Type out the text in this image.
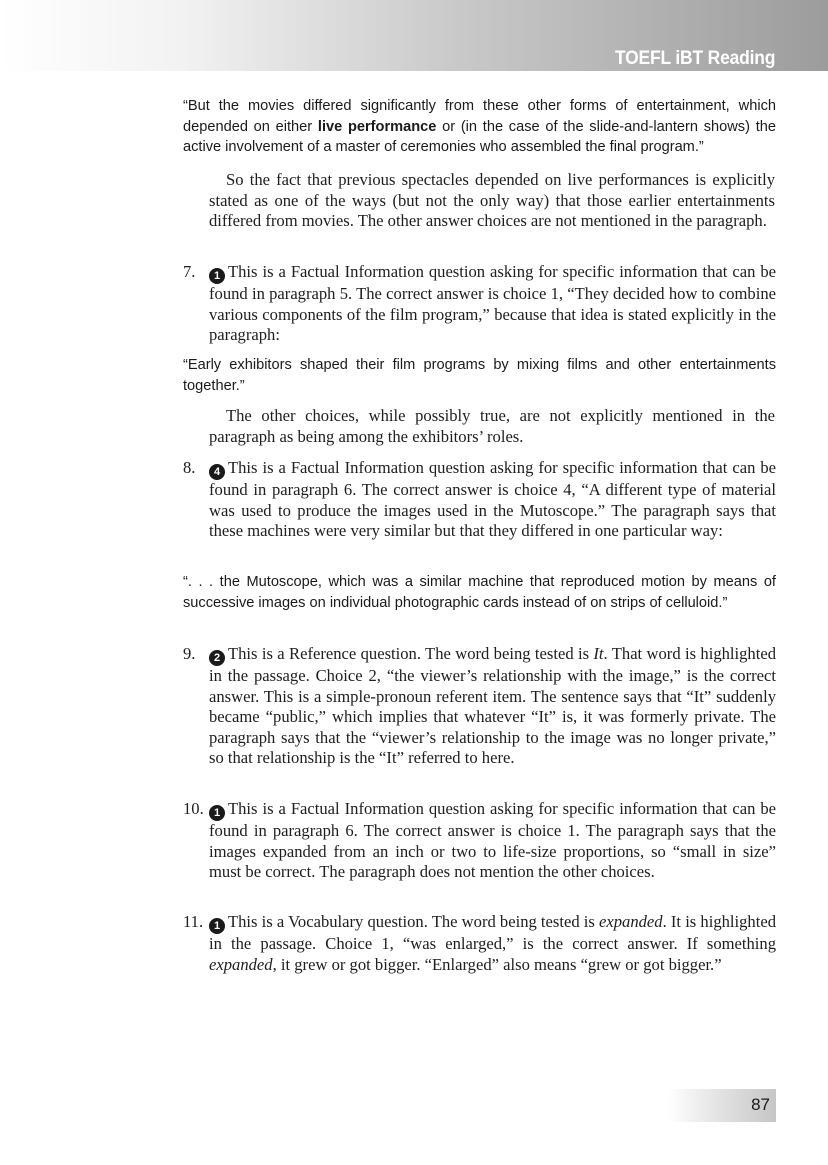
TOEFL iBT Reading
“But the movies differed significantly from these other forms of entertainment, which depended on either live performance or (in the case of the slide-and-lantern shows) the active involvement of a master of ceremonies who assembled the final program.”
So the fact that previous spectacles depended on live performances is explicitly stated as one of the ways (but not the only way) that those earlier entertainments differed from movies. The other answer choices are not mentioned in the paragraph.
7.	1 This is a Factual Information question asking for specific information that can be found in paragraph 5. The correct answer is choice 1, “They decided how to combine various components of the film program,” because that idea is stated explicitly in the paragraph:
“Early exhibitors shaped their film programs by mixing films and other entertainments together.”
The other choices, while possibly true, are not explicitly mentioned in the paragraph as being among the exhibitors’ roles.
8.	4 This is a Factual Information question asking for specific information that can be found in paragraph 6. The correct answer is choice 4, “A different type of material was used to produce the images used in the Mutoscope.” The paragraph says that these machines were very similar but that they differed in one particular way:
“. . . the Mutoscope, which was a similar machine that reproduced motion by means of successive images on individual photographic cards instead of on strips of celluloid.”
9.	2 This is a Reference question. The word being tested is It. That word is highlighted in the passage. Choice 2, “the viewer’s relationship with the image,” is the correct answer. This is a simple-pronoun referent item. The sentence says that “It” suddenly became “public,” which implies that whatever “It” is, it was formerly private. The paragraph says that the “viewer’s relationship to the image was no longer private,” so that relationship is the “It” referred to here.
10. 1 This is a Factual Information question asking for specific information that can be found in paragraph 6. The correct answer is choice 1. The paragraph says that the images expanded from an inch or two to life-size proportions, so “small in size” must be correct. The paragraph does not mention the other choices.
11. 1 This is a Vocabulary question. The word being tested is expanded. It is highlighted in the passage. Choice 1, “was enlarged,” is the correct answer. If something expanded, it grew or got bigger. “Enlarged” also means “grew or got bigger.”
87
